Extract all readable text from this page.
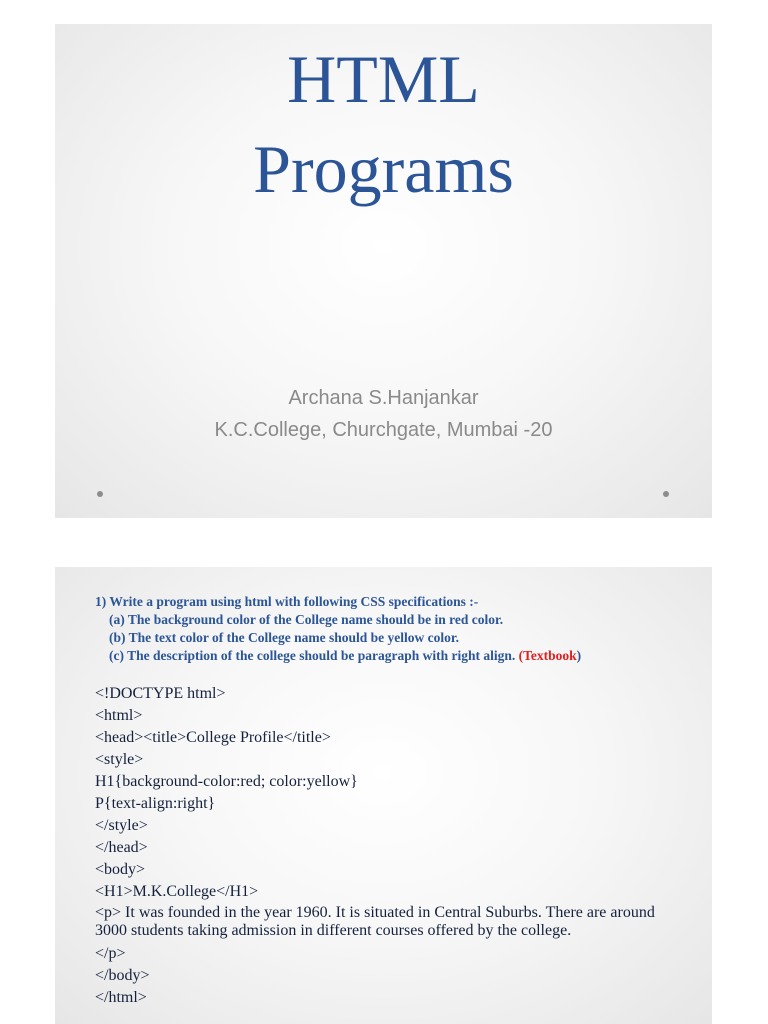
HTML
Programs
Archana S.Hanjankar
K.C.College, Churchgate, Mumbai -20
1) Write a program using html with following CSS specifications :-
(a) The background color of the College name should be in red color.
(b) The text color of the College name should be yellow color.
(c) The description of the college should be paragraph with right align. (Textbook)
<!DOCTYPE html>
<html>
<head><title>College Profile</title>
<style>
H1{background-color:red; color:yellow}
P{text-align:right}
</style>
</head>
<body>
<H1>M.K.College</H1>
<p> It was founded in the year 1960. It is situated in Central Suburbs. There are around 3000 students taking admission in different courses offered by the college.
</p>
</body>
</html>
